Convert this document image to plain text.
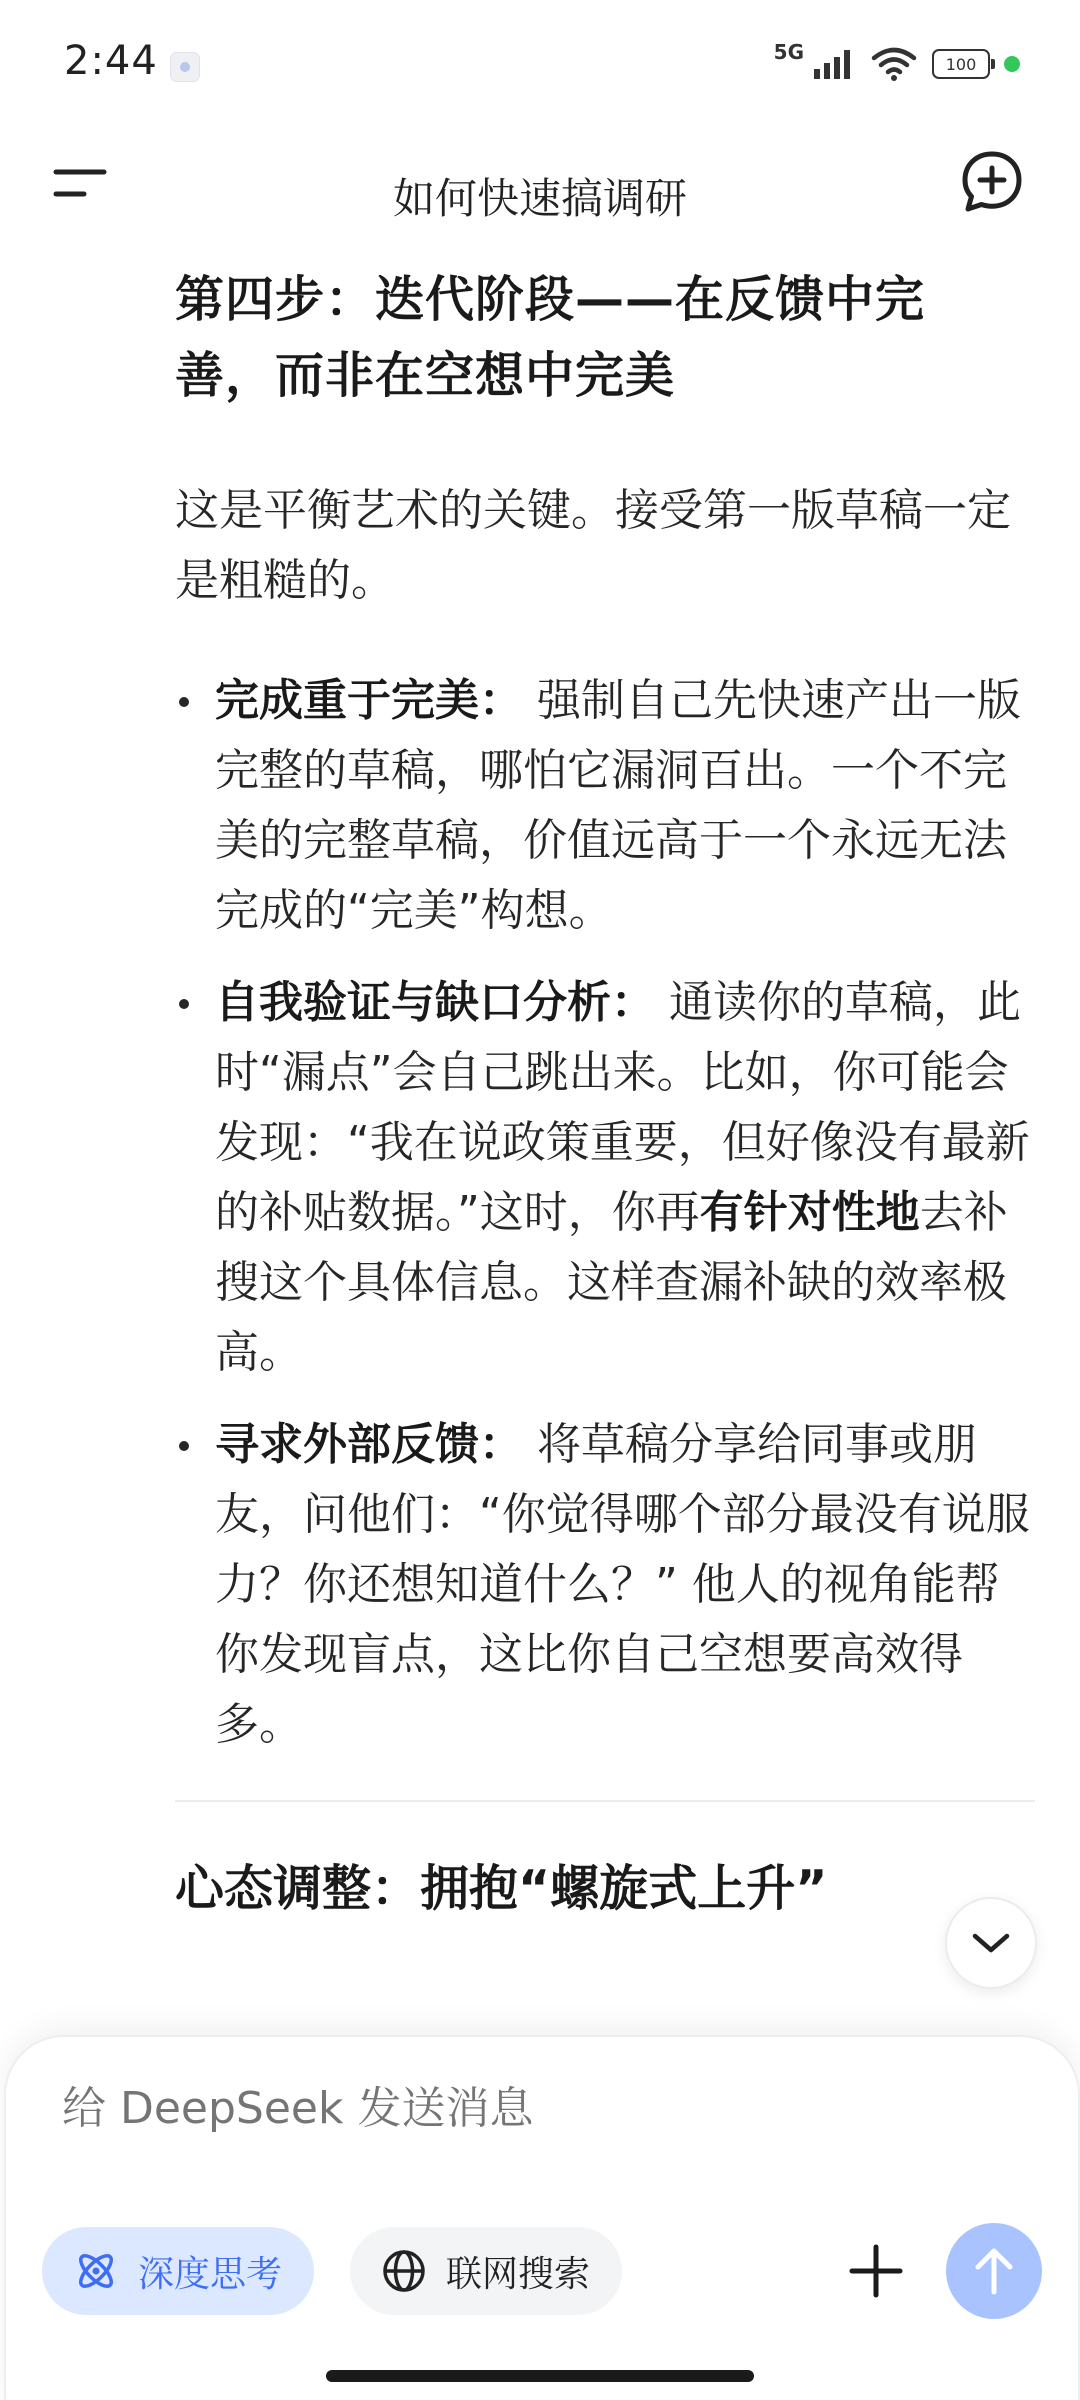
2:44	5G	100
如何快速搞调研
第四步：迭代阶段——在反馈中完
善，而非在空想中完美

这是平衡艺术的关键。接受第一版草稿一定是粗糙的。

完成重于完美： 强制自己先快速产出一版完整的草稿，哪怕它漏洞百出。一个不完美的完整草稿，价值远高于一个永远无法完成的“完美”构想。
自我验证与缺口分析： 通读你的草稿，此时“漏点”会自己跳出来。比如，你可能会发现：“我在说政策重要，但好像没有最新的补贴数据。”这时，你再有针对性地去补搜这个具体信息。这样查漏补缺的效率极高。
寻求外部反馈： 将草稿分享给同事或朋友，问他们：“你觉得哪个部分最没有说服力？你还想知道什么？” 他人的视角能帮你发现盲点，这比你自己空想要高效得多。
心态调整：拥抱“螺旋式上升”
给 DeepSeek 发送消息
深度思考	联网搜索
